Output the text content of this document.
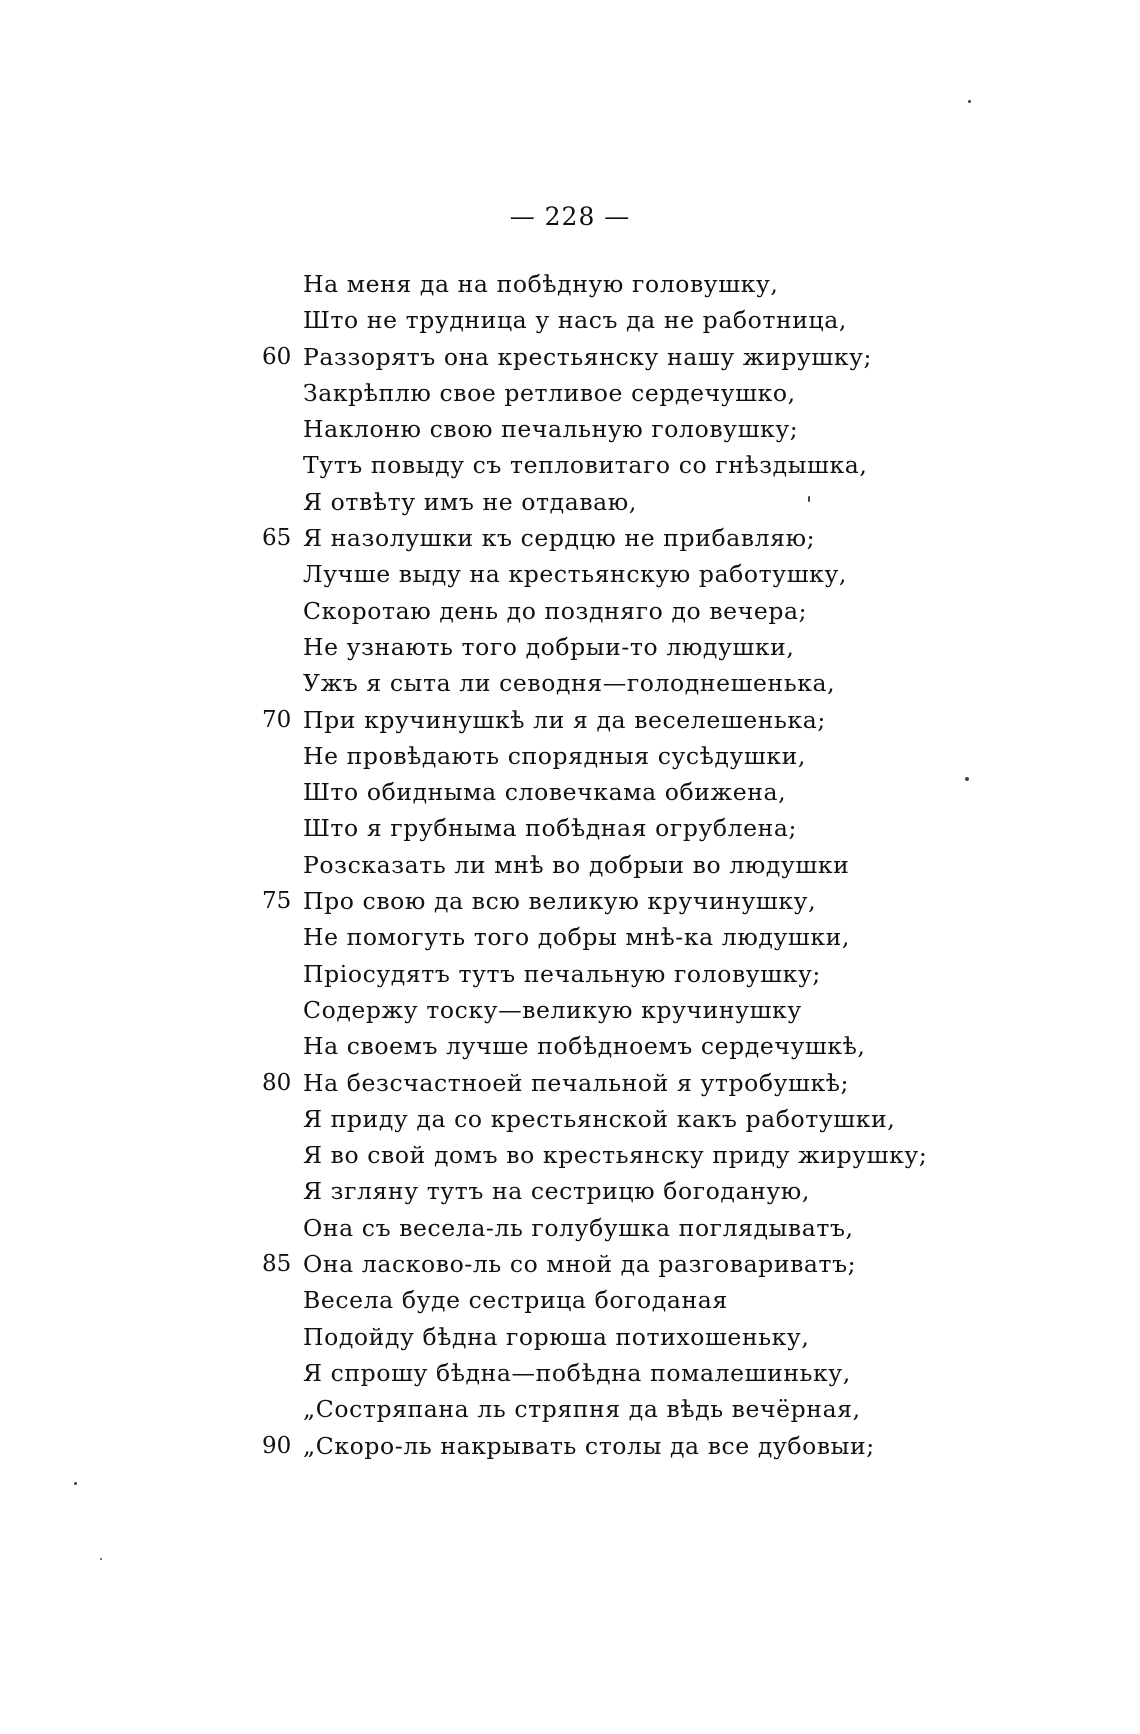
— 228 —
На меня да на побѣдную головушку,
Што не трудница у насъ да не работница,
60 Раззорятъ она крестьянску нашу жирушку;
Закрѣплю свое ретливое сердечушко,
Наклоню свою печальную головушку;
Тутъ повыду съ тепловитаго со гнѣздышка,
Я отвѣту имъ не отдаваю,
65 Я назолушки къ сердцю не прибавляю;
Лучше выду на крестьянскую работушку,
Скоротаю день до поздняго до вечера;
Не узнають того добрыи-то людушки,
Ужъ я сыта ли севодня—голоднешенька,
70 При кручинушкѣ ли я да веселешенька;
Не провѣдають спорядныя сусѣдушки,
Што обидныма словечкама обижена,
Што я грубныма побѣдная огрублена;
Розсказать ли мнѣ во добрыи во людушки
75 Про свою да всю великую кручинушку,
Не помогуть того добры мнѣ-ка людушки,
Пріосудятъ тутъ печальную головушку;
Содержу тоску—великую кручинушку
На своемъ лучше побѣдноемъ сердечушкѣ,
80 На безсчастноей печальной я утробушкѣ;
Я приду да со крестьянской какъ работушки,
Я во свой домъ во крестьянску приду жирушку;
Я згляну тутъ на сестрицю богоданую,
Она съ весела-ль голубушка поглядыватъ,
85 Она ласково-ль со мной да разговариватъ;
Весела буде сестрица богоданая
Подойду бѣдна горюша потихошеньку,
Я спрошу бѣдна—побѣдна помалешиньку,
„Состряпана ль стряпня да вѣдь вечёрная,
90 „Скоро-ль накрывать столы да все дубовыи;
